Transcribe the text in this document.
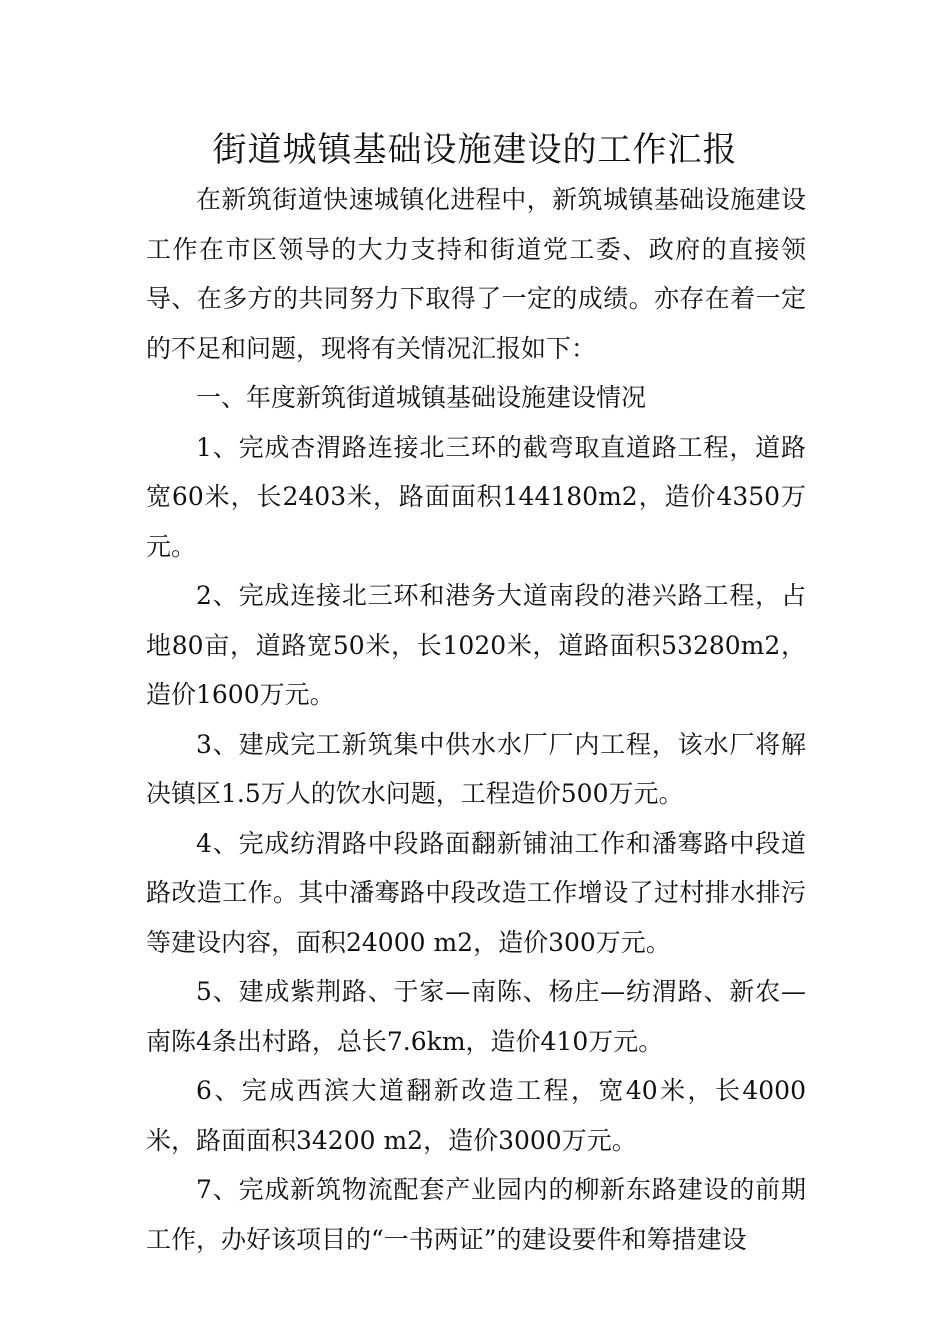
街道城镇基础设施建设的工作汇报

在新筑街道快速城镇化进程中，新筑城镇基础设施建设工作在市区领导的大力支持和街道党工委、政府的直接领导、在多方的共同努力下取得了一定的成绩。亦存在着一定的不足和问题，现将有关情况汇报如下：

一、年度新筑街道城镇基础设施建设情况

1、完成杏渭路连接北三环的截弯取直道路工程，道路宽60米，长2403米，路面面积144180m2，造价4350万元。

2、完成连接北三环和港务大道南段的港兴路工程，占地80亩，道路宽50米，长1020米，道路面积53280m2，造价1600万元。

3、建成完工新筑集中供水水厂厂内工程，该水厂将解决镇区1.5万人的饮水问题，工程造价500万元。

4、完成纺渭路中段路面翻新铺油工作和潘骞路中段道路改造工作。其中潘骞路中段改造工作增设了过村排水排污等建设内容，面积24000 m2，造价300万元。

5、建成紫荆路、于家—南陈、杨庄—纺渭路、新农—南陈4条出村路，总长7.6km，造价410万元。

6、完成西滨大道翻新改造工程，宽40米，长4000米，路面面积34200 m2，造价3000万元。

7、完成新筑物流配套产业园内的柳新东路建设的前期工作，办好该项目的“一书两证”的建设要件和筹措建设
